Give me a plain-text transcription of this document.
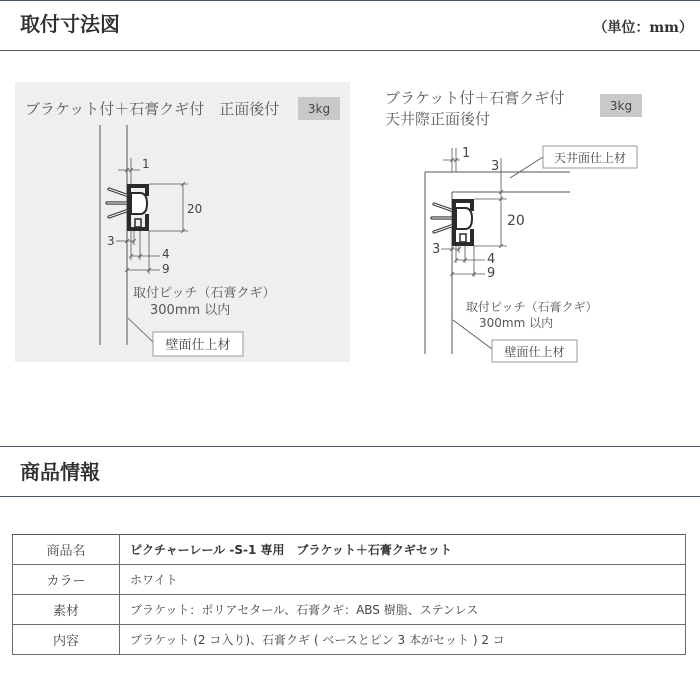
取付寸法図	（単位：mm）
ブラケット付＋石膏クギ付　正面後付 3kg
1
20
3
4
9
取付ピッチ（石膏クギ）
300mm 以内
壁面仕上材
ブラケット付＋石膏クギ付
天井際正面後付
3kg
1
3
20
3
4
9
天井面仕上材
取付ピッチ（石膏クギ）
300mm 以内
壁面仕上材
商品情報
商品名	ピクチャーレール -S-1 専用　ブラケット＋石膏クギセット
カラー	ホワイト
素材	ブラケット：ポリアセタール、石膏クギ：ABS 樹脂、ステンレス
内容	ブラケット (2 コ入り)、石膏クギ ( ベースとピン 3 本がセット ) 2 コ
